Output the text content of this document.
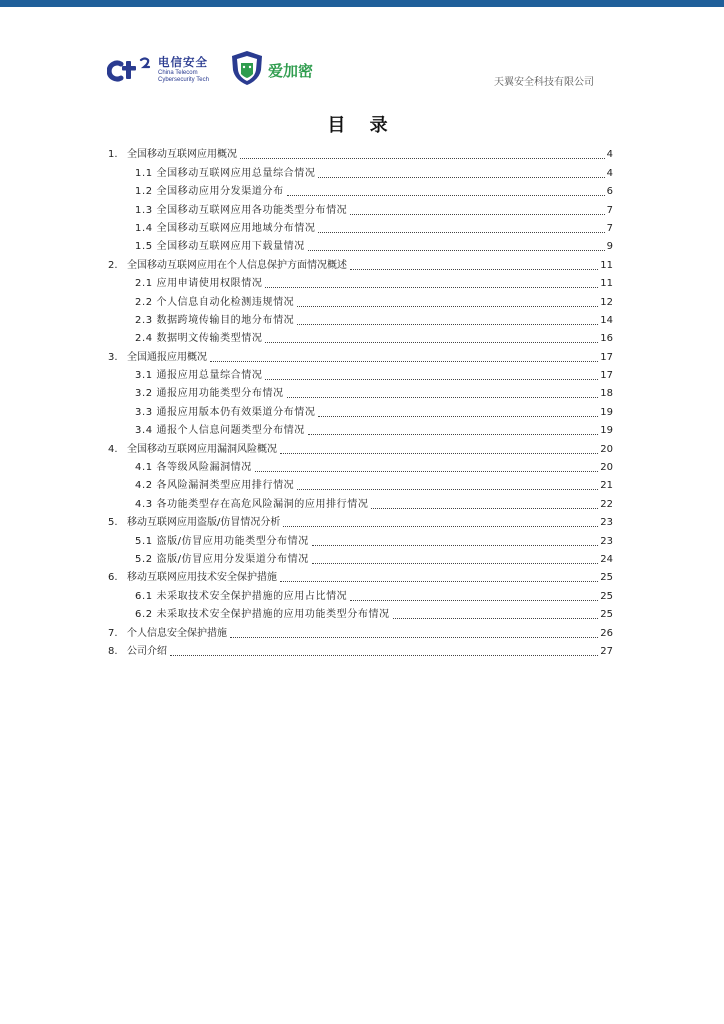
电信安全
China Telecom
Cybersecurity Tech	爱加密
天翼安全科技有限公司
目 录
1. 全国移动互联网应用概况	4
1.1 全国移动互联网应用总量综合情况	4
1.2 全国移动应用分发渠道分布	6
1.3 全国移动互联网应用各功能类型分布情况	7
1.4 全国移动互联网应用地域分布情况	7
1.5 全国移动互联网应用下载量情况	9
2. 全国移动互联网应用在个人信息保护方面情况概述	11
2.1 应用申请使用权限情况	11
2.2 个人信息自动化检测违规情况	12
2.3 数据跨境传输目的地分布情况	14
2.4 数据明文传输类型情况	16
3. 全国通报应用概况	17
3.1 通报应用总量综合情况	17
3.2 通报应用功能类型分布情况	18
3.3 通报应用版本仍有效渠道分布情况	19
3.4 通报个人信息问题类型分布情况	19
4. 全国移动互联网应用漏洞风险概况	20
4.1 各等级风险漏洞情况	20
4.2 各风险漏洞类型应用排行情况	21
4.3 各功能类型存在高危风险漏洞的应用排行情况	22
5. 移动互联网应用盗版/仿冒情况分析	23
5.1 盗版/仿冒应用功能类型分布情况	23
5.2 盗版/仿冒应用分发渠道分布情况	24
6. 移动互联网应用技术安全保护措施	25
6.1 未采取技术安全保护措施的应用占比情况	25
6.2 未采取技术安全保护措施的应用功能类型分布情况	25
7. 个人信息安全保护措施	26
8. 公司介绍	27
